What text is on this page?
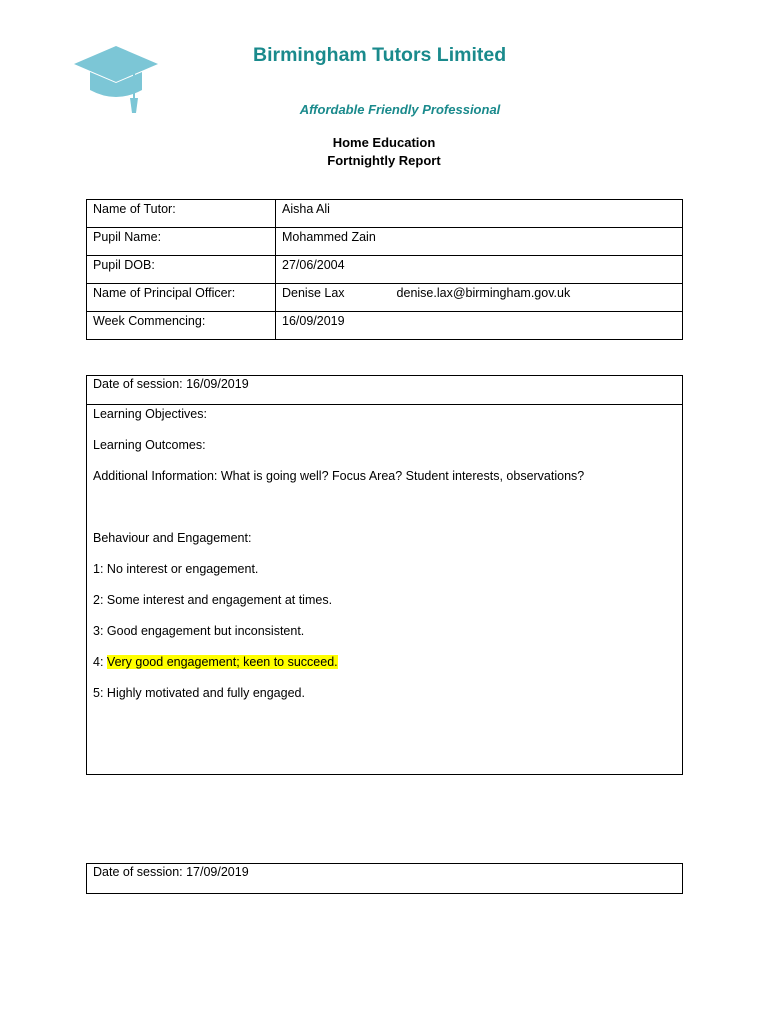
Birmingham Tutors Limited
Affordable Friendly Professional
Home Education
Fortnightly Report
Name of Tutor:	Aisha Ali
Pupil Name:	Mohammed Zain
Pupil DOB:	27/06/2004
Name of Principal Officer:	Denise Lax denise.lax@birmingham.gov.uk
Week Commencing:	16/09/2019
Date of session: 16/09/2019

Learning Objectives:

Learning Outcomes:

Additional Information: What is going well? Focus Area? Student interests, observations?

Behaviour and Engagement:

1: No interest or engagement.

2: Some interest and engagement at times.

3: Good engagement but inconsistent.

4: Very good engagement; keen to succeed.

5: Highly motivated and fully engaged.

Date of session: 17/09/2019
